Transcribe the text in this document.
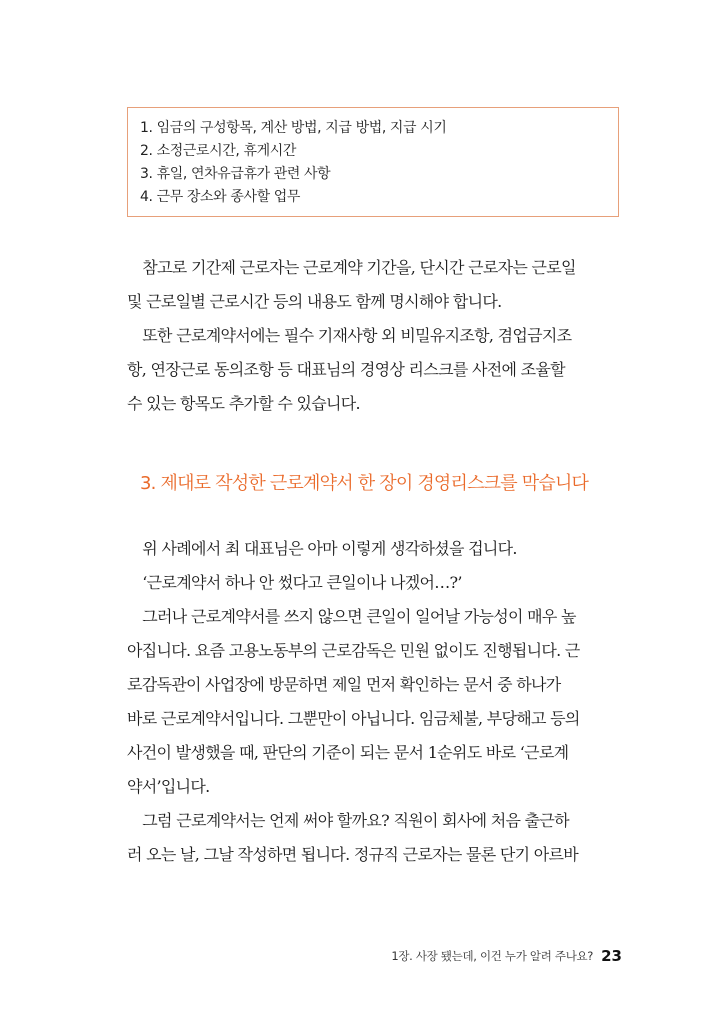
1. 임금의 구성항목, 계산 방법, 지급 방법, 지급 시기
2. 소정근로시간, 휴게시간
3. 휴일, 연차유급휴가 관련 사항
4. 근무 장소와 종사할 업무

　참고로 기간제 근로자는 근로계약 기간을, 단시간 근로자는 근로일
및 근로일별 근로시간 등의 내용도 함께 명시해야 합니다.
　또한 근로계약서에는 필수 기재사항 외 비밀유지조항, 겸업금지조
항, 연장근로 동의조항 등 대표님의 경영상 리스크를 사전에 조율할
수 있는 항목도 추가할 수 있습니다.

3. 제대로 작성한 근로계약서 한 장이 경영리스크를 막습니다

　위 사례에서 최 대표님은 아마 이렇게 생각하셨을 겁니다.
　‘근로계약서 하나 안 썼다고 큰일이나 나겠어…?’
　그러나 근로계약서를 쓰지 않으면 큰일이 일어날 가능성이 매우 높
아집니다. 요즘 고용노동부의 근로감독은 민원 없이도 진행됩니다. 근
로감독관이 사업장에 방문하면 제일 먼저 확인하는 문서 중 하나가
바로 근로계약서입니다. 그뿐만이 아닙니다. 임금체불, 부당해고 등의
사건이 발생했을 때, 판단의 기준이 되는 문서 1순위도 바로 ‘근로계
약서’입니다.
　그럼 근로계약서는 언제 써야 할까요? 직원이 회사에 처음 출근하
러 오는 날, 그날 작성하면 됩니다. 정규직 근로자는 물론 단기 아르바

1장. 사장 됐는데, 이건 누가 알려 주나요? 23
